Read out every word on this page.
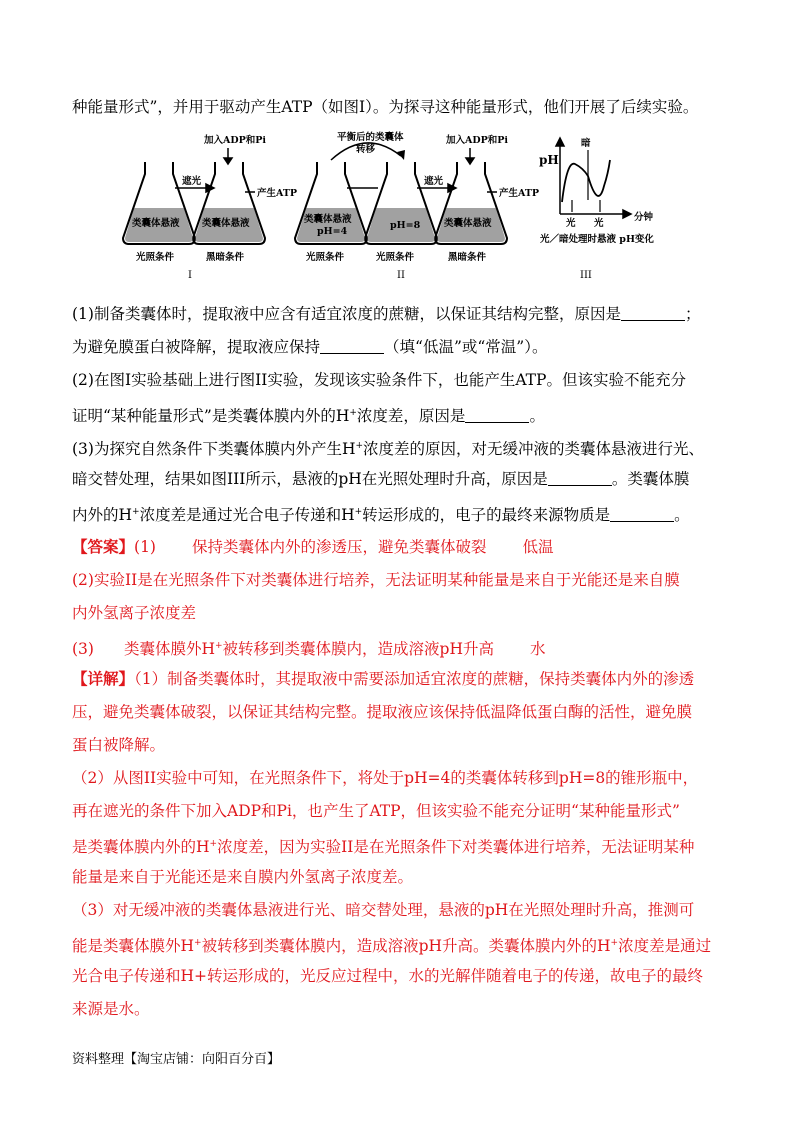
种能量形式”，并用于驱动产生ATP（如图I）。为探寻这种能量形式，他们开展了后续实验。
遮光
加入ADP和Pi
产生ATP
类囊体悬液 类囊体悬液
光照条件	黑暗条件
I
平衡后的类囊体
转移
类囊体悬液
pH=4
pH=8
遮光
加入ADP和Pi
产生ATP
类囊体悬液
光照条件	光照条件	黑暗条件
II
pH
暗
光 光
分钟
光／暗处理时悬液 pH变化
III
(1)制备类囊体时，提取液中应含有适宜浓度的蔗糖，以保证其结构完整，原因是	；
为避免膜蛋白被降解，提取液应保持	（填“低温”或“常温”）。
(2)在图I实验基础上进行图II实验，发现该实验条件下，也能产生ATP。但该实验不能充分
证明“某种能量形式”是类囊体膜内外的H+浓度差，原因是	。
(3)为探究自然条件下类囊体膜内外产生H+浓度差的原因，对无缓冲液的类囊体悬液进行光、
暗交替处理，结果如图III所示，悬液的pH在光照处理时升高，原因是	。类囊体膜
内外的H+浓度差是通过光合电子传递和H+转运形成的，电子的最终来源物质是	。
【答案】(1) 保持类囊体内外的渗透压，避免类囊体破裂 低温
(2)实验II是在光照条件下对类囊体进行培养，无法证明某种能量是来自于光能还是来自膜
内外氢离子浓度差
(3) 类囊体膜外H+被转移到类囊体膜内，造成溶液pH升高 水
【详解】（1）制备类囊体时，其提取液中需要添加适宜浓度的蔗糖，保持类囊体内外的渗透
压，避免类囊体破裂，以保证其结构完整。提取液应该保持低温降低蛋白酶的活性，避免膜
蛋白被降解。
（2）从图II实验中可知，在光照条件下，将处于pH=4的类囊体转移到pH=8的锥形瓶中，
再在遮光的条件下加入ADP和Pi，也产生了ATP，但该实验不能充分证明“某种能量形式”
是类囊体膜内外的H+浓度差，因为实验II是在光照条件下对类囊体进行培养，无法证明某种
能量是来自于光能还是来自膜内外氢离子浓度差。
（3）对无缓冲液的类囊体悬液进行光、暗交替处理，悬液的pH在光照处理时升高，推测可
能是类囊体膜外H+被转移到类囊体膜内，造成溶液pH升高。类囊体膜内外的H+浓度差是通过
光合电子传递和H+转运形成的，光反应过程中，水的光解伴随着电子的传递，故电子的最终
来源是水。
资料整理【淘宝店铺：向阳百分百】
